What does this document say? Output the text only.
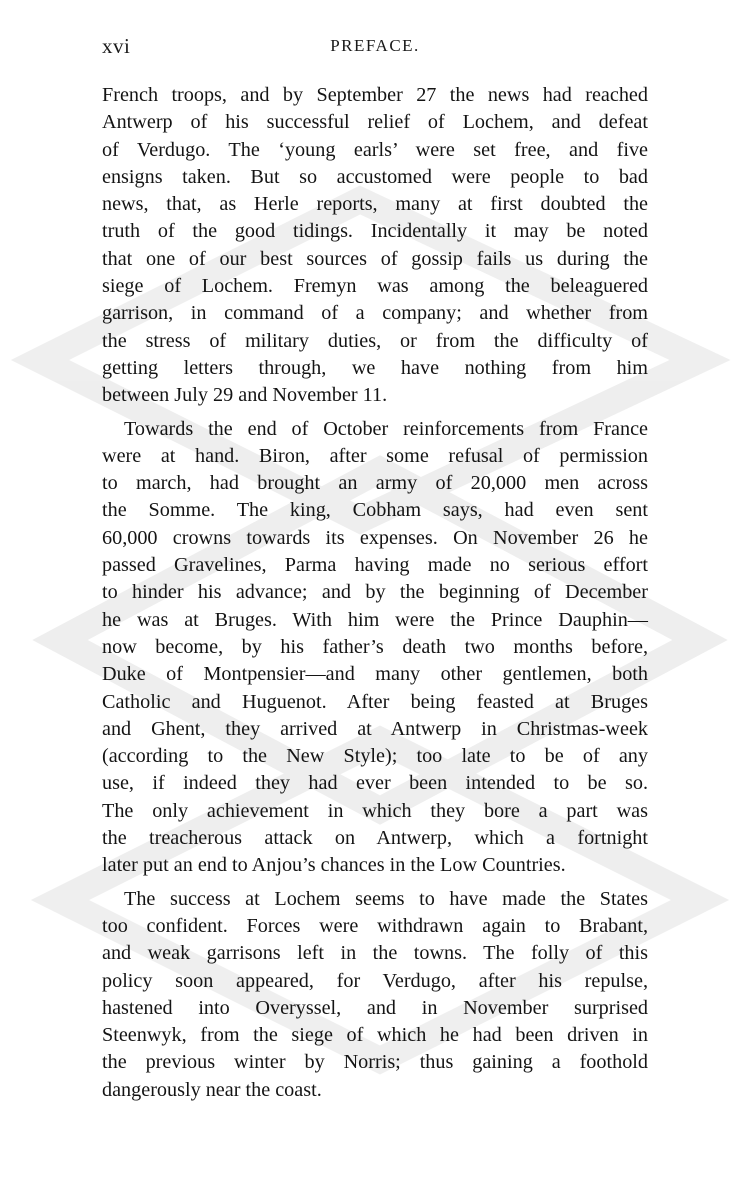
xvi	PREFACE.

French troops, and by September 27 the news had reached
Antwerp of his successful relief of Lochem, and defeat
of Verdugo. The ‘young earls’ were set free, and five
ensigns taken. But so accustomed were people to bad
news, that, as Herle reports, many at first doubted the
truth of the good tidings. Incidentally it may be noted
that one of our best sources of gossip fails us during the
siege of Lochem. Fremyn was among the beleaguered
garrison, in command of a company; and whether from
the stress of military duties, or from the difficulty of
getting letters through, we have nothing from him
between July 29 and November 11.

Towards the end of October reinforcements from France
were at hand. Biron, after some refusal of permission
to march, had brought an army of 20,000 men across
the Somme. The king, Cobham says, had even sent
60,000 crowns towards its expenses. On November 26 he
passed Gravelines, Parma having made no serious effort
to hinder his advance; and by the beginning of December
he was at Bruges. With him were the Prince Dauphin—
now become, by his father’s death two months before,
Duke of Montpensier—and many other gentlemen, both
Catholic and Huguenot. After being feasted at Bruges
and Ghent, they arrived at Antwerp in Christmas-week
(according to the New Style); too late to be of any
use, if indeed they had ever been intended to be so.
The only achievement in which they bore a part was
the treacherous attack on Antwerp, which a fortnight
later put an end to Anjou’s chances in the Low Countries.

The success at Lochem seems to have made the States
too confident. Forces were withdrawn again to Brabant,
and weak garrisons left in the towns. The folly of this
policy soon appeared, for Verdugo, after his repulse,
hastened into Overyssel, and in November surprised
Steenwyk, from the siege of which he had been driven in
the previous winter by Norris; thus gaining a foothold
dangerously near the coast.
